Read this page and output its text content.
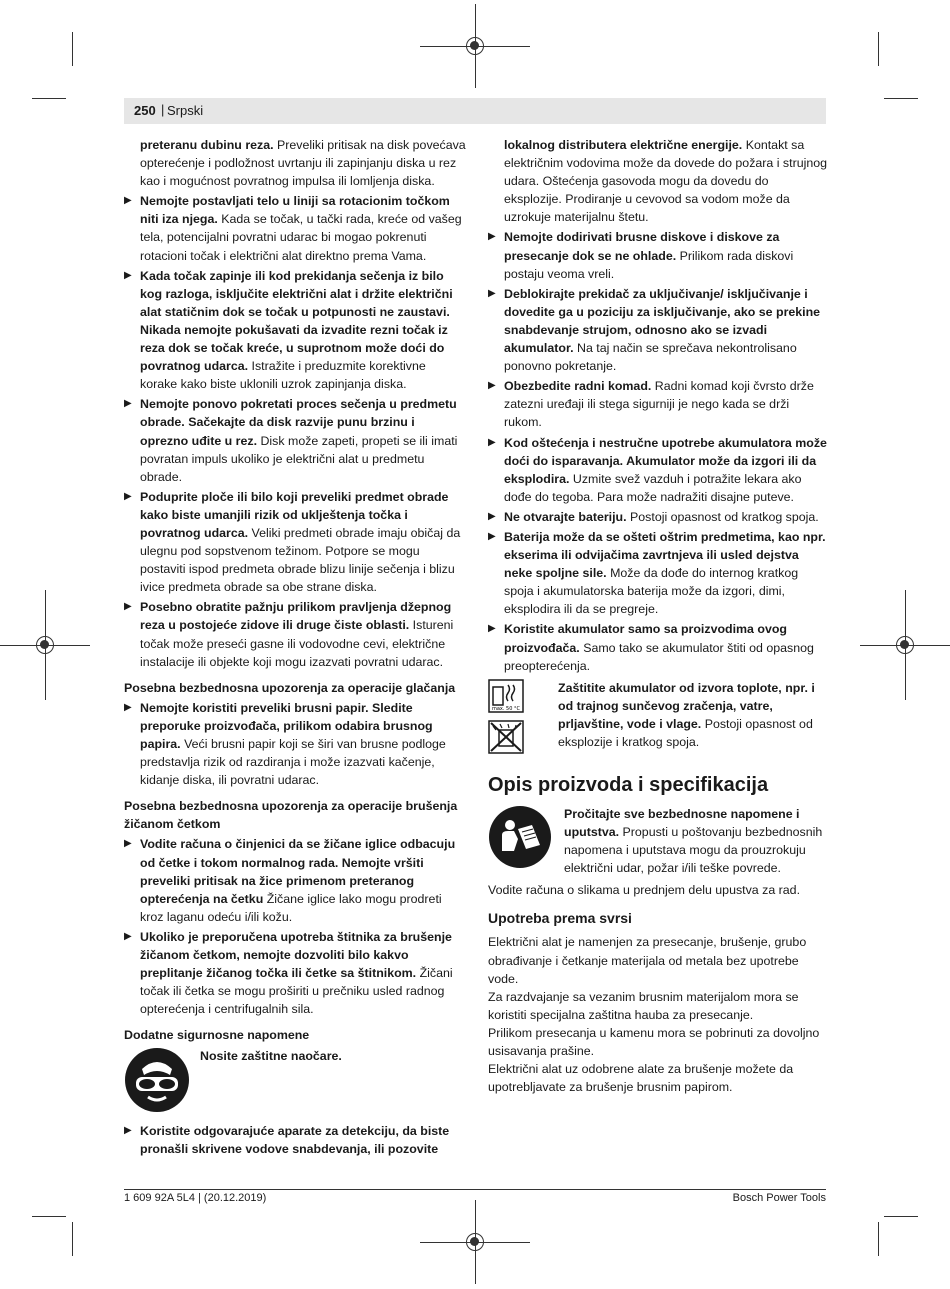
250 | Srpski
preteranu dubinu reza. Preveliki pritisak na disk povećava opterećenje i podložnost uvrtanju ili zapinjanju diska u rez kao i mogućnost povratnog impulsa ili lomljenja diska.
▶ Nemojte postavljati telo u liniji sa rotacionim točkom niti iza njega. Kada se točak, u tački rada, kreće od vašeg tela, potencijalni povratni udarac bi mogao pokrenuti rotacioni točak i električni alat direktno prema Vama.
▶ Kada točak zapinje ili kod prekidanja sečenja iz bilo kog razloga, isključite električni alat i držite električni alat statičnim dok se točak u potpunosti ne zaustavi. Nikada nemojte pokušavati da izvadite rezni točak iz reza dok se točak kreće, u suprotnom može doći do povratnog udarca. Istražite i preduzmite korektivne korake kako biste uklonili uzrok zapinjanja diska.
▶ Nemojte ponovo pokretati proces sečenja u predmetu obrade. Sačekajte da disk razvije punu brzinu i oprezno uđite u rez. Disk može zapeti, propeti se ili imati povratan impuls ukoliko je električni alat u predmetu obrade.
▶ Poduprite ploče ili bilo koji preveliki predmet obrade kako biste umanjili rizik od uklještenja točka i povratnog udarca. Veliki predmeti obrade imaju običaj da ulegnu pod sopstvenom težinom. Potpore se mogu postaviti ispod predmeta obrade blizu linije sečenja i blizu ivice predmeta obrade sa obe strane diska.
▶ Posebno obratite pažnju prilikom pravljenja džepnog reza u postojeće zidove ili druge čiste oblasti. Istureni točak može preseći gasne ili vodovodne cevi, električne instalacije ili objekte koji mogu izazvati povratni udarac.
Posebna bezbednosna upozorenja za operacije glačanja
▶ Nemojte koristiti preveliki brusni papir. Sledite preporuke proizvođača, prilikom odabira brusnog papira. Veći brusni papir koji se širi van brusne podloge predstavlja rizik od razdiranja i može izazvati kačenje, kidanje diska, ili povratni udarac.
Posebna bezbednosna upozorenja za operacije brušenja žičanom četkom
▶ Vodite računa o činjenici da se žičane iglice odbacuju od četke i tokom normalnog rada. Nemojte vršiti preveliki pritisak na žice primenom preteranog opterećenja na četku Žičane iglice lako mogu prodreti kroz laganu odeću i/ili kožu.
▶ Ukoliko je preporučena upotreba štitnika za brušenje žičanom četkom, nemojte dozvoliti bilo kakvo preplitanje žičanog točka ili četke sa štitnikom. Žičani točak ili četka se mogu proširiti u prečniku usled radnog opterećenja i centrifugalnih sila.
Dodatne sigurnosne napomene
Nosite zaštitne naočare.
▶ Koristite odgovarajuće aparate za detekciju, da biste pronašli skrivene vodove snabdevanja, ili pozovite
lokalnog distributera električne energije. Kontakt sa električnim vodovima može da dovede do požara i strujnog udara. Oštećenja gasovoda mogu da dovedu do eksplozije. Prodiranje u cevovod sa vodom može da uzrokuje materijalnu štetu.
▶ Nemojte dodirivati brusne diskove i diskove za presecanje dok se ne ohlade. Prilikom rada diskovi postaju veoma vreli.
▶ Deblokirajte prekidač za uključivanje/ isključivanje i dovedite ga u poziciju za isključivanje, ako se prekine snabdevanje strujom, odnosno ako se izvadi akumulator. Na taj način se sprečava nekontrolisano ponovno pokretanje.
▶ Obezbedite radni komad. Radni komad koji čvrsto drže zatezni uređaji ili stega sigurniji je nego kada se drži rukom.
▶ Kod oštećenja i nestručne upotrebe akumulatora može doći do isparavanja. Akumulator može da izgori ili da eksplodira. Uzmite svež vazduh i potražite lekara ako dođe do tegoba. Para može nadražiti disajne puteve.
▶ Ne otvarajte bateriju. Postoji opasnost od kratkog spoja.
▶ Baterija može da se ošteti oštrim predmetima, kao npr. ekserima ili odvijačima zavrtnjeva ili usled dejstva neke spoljne sile. Može da dođe do internog kratkog spoja i akumulatorska baterija može da izgori, dimi, eksplodira ili da se pregreje.
▶ Koristite akumulator samo sa proizvodima ovog proizvođača. Samo tako se akumulator štiti od opasnog preopterećenja.
max. 50 °C

Zaštitite akumulator od izvora toplote, npr. i od trajnog sunčevog zračenja, vatre, prljavštine, vode i vlage. Postoji opasnost od eksplozije i kratkog spoja.
Opis proizvoda i specifikacija
Pročitajte sve bezbednosne napomene i uputstva. Propusti u poštovanju bezbednosnih napomena i uputstava mogu da prouzrokuju električni udar, požar i/ili teške povrede.

Vodite računa o slikama u prednjem delu upustva za rad.

Upotreba prema svrsi

Električni alat je namenjen za presecanje, brušenje, grubo obrađivanje i četkanje materijala od metala bez upotrebe vode.

Za razdvajanje sa vezanim brusnim materijalom mora se koristiti specijalna zaštitna hauba za presecanje.

Prilikom presecanja u kamenu mora se pobrinuti za dovoljno usisavanja prašine.

Električni alat uz odobrene alate za brušenje možete da upotrebljavate za brušenje brusnim papirom.

1 609 92A 5L4 | (20.12.2019)	Bosch Power Tools
